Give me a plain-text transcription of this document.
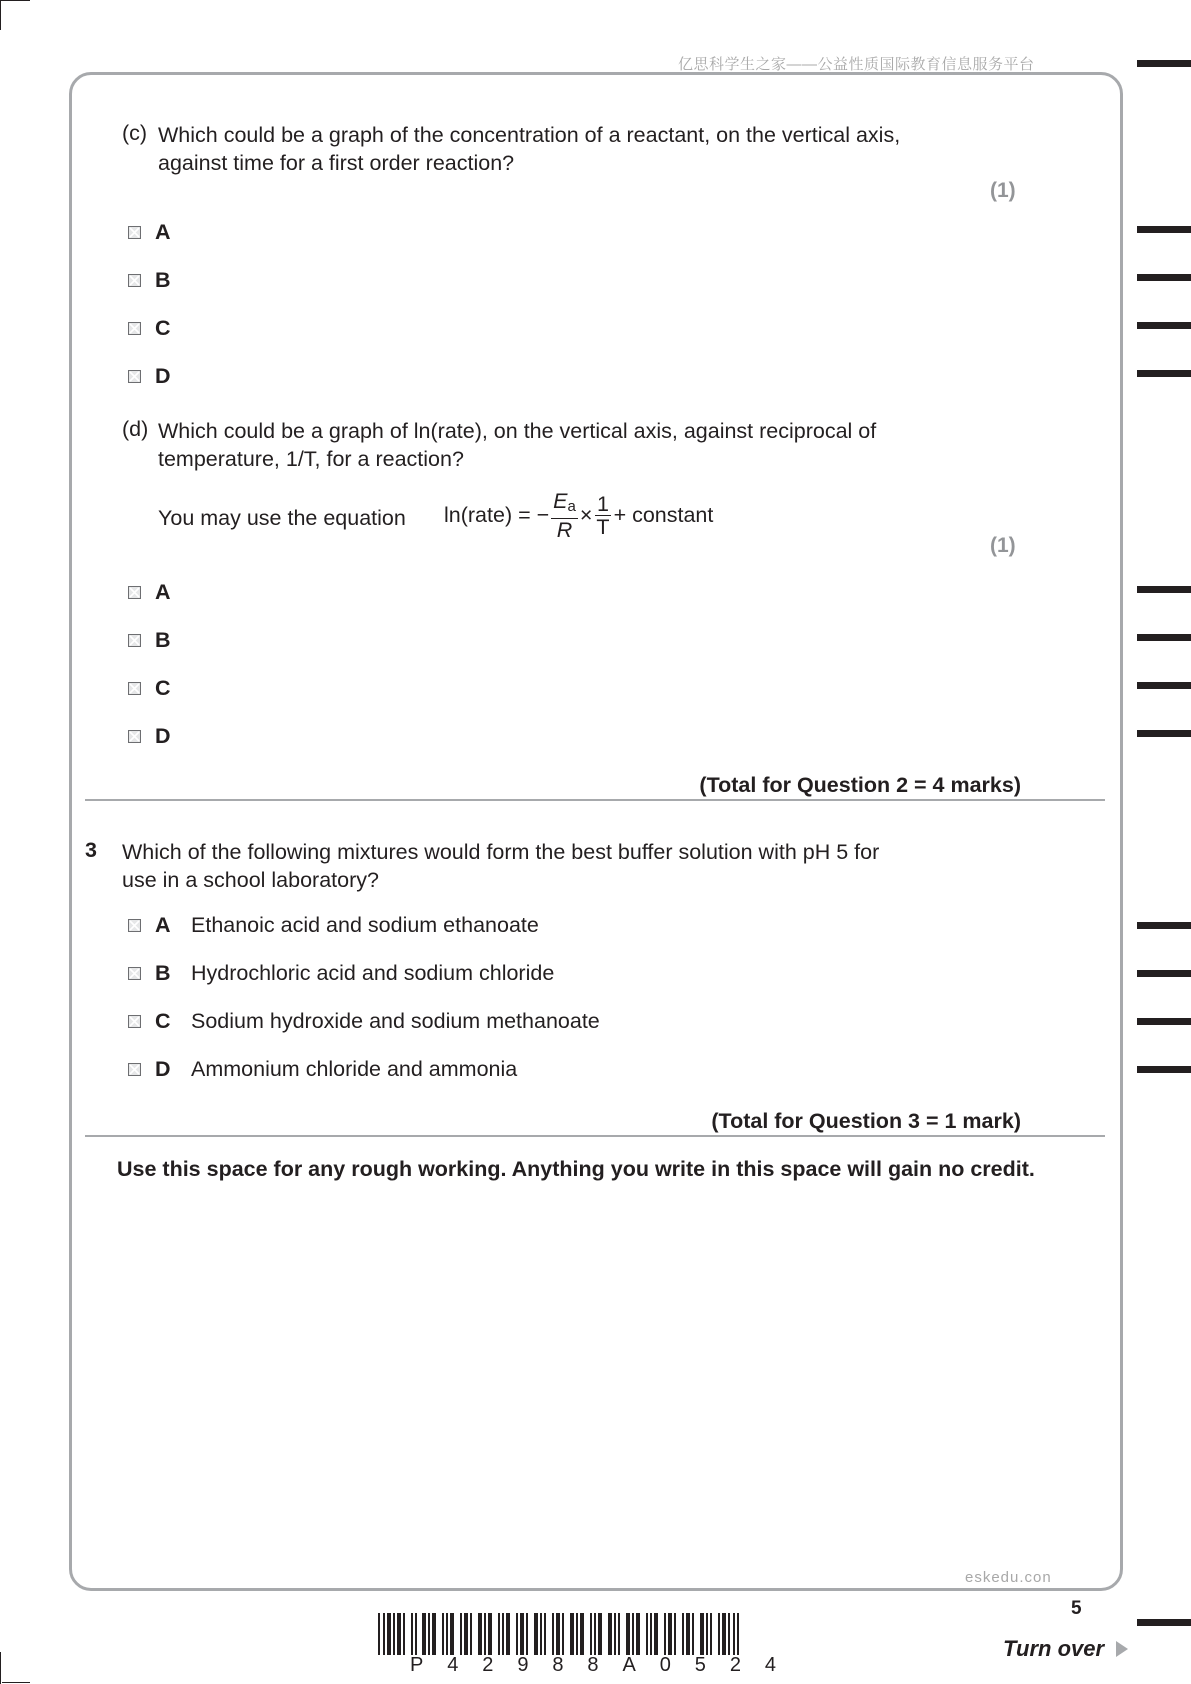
亿思科学生之家——公益性质国际教育信息服务平台
(c) Which could be a graph of the concentration of a reactant, on the vertical axis,
against time for a first order reaction?
(1)
A
B
C
D
(d) Which could be a graph of ln(rate), on the vertical axis, against reciprocal of
temperature, 1/T, for a reaction?
You may use the equation ln(rate) = − $\frac{E_a}{R} \times \frac{1}{T}$ + constant
(1)
A
B
C
D
(Total for Question 2 = 4 marks)
3 Which of the following mixtures would form the best buffer solution with pH 5 for
use in a school laboratory?
A Ethanoic acid and sodium ethanoate
B Hydrochloric acid and sodium chloride
C Sodium hydroxide and sodium methanoate
D Ammonium chloride and ammonia
(Total for Question 3 = 1 mark)
Use this space for any rough working. Anything you write in this space will gain no credit.
eskedu.con
5
Turn over
P 4 2 9 8 8 A 0 5 2 4
